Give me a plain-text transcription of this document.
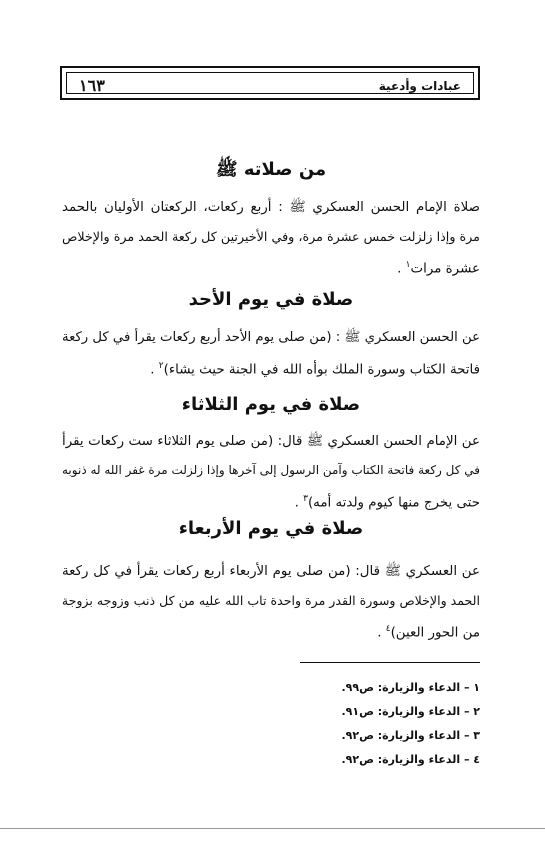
١٦٣	عبادات وأدعية
من صلاته ﷺ
صلاة الإمام الحسن العسكري ﷺ : أربع ركعات، الركعتان الأوليان بالحمد
مرة وإذا زلزلت خمس عشرة مرة، وفي الأخيرتين كل ركعة الحمد مرة والإخلاص
عشرة مرات$^١$ .
صلاة في يوم الأحد
عن الحسن العسكري ﷺ : (من صلى يوم الأحد أربع ركعات يقرأ في كل ركعة
فاتحة الكتاب وسورة الملك بوأه الله في الجنة حيث يشاء)$^٢$ .
صلاة في يوم الثلاثاء
عن الإمام الحسن العسكري ﷺ قال: (من صلى يوم الثلاثاء ست ركعات يقرأ
في كل ركعة فاتحة الكتاب وآمن الرسول إلى آخرها وإذا زلزلت مرة غفر الله له ذنوبه
حتى يخرج منها كيوم ولدته أمه)$^٣$ .
صلاة في يوم الأربعاء
عن العسكري ﷺ قال: (من صلى يوم الأربعاء أربع ركعات يقرأ في كل ركعة
الحمد والإخلاص وسورة القدر مرة واحدة تاب الله عليه من كل ذنب وزوجه بزوجة
من الحور العين)$^٤$ .
١ – الدعاء والزيارة: ص٩٩.
٢ – الدعاء والزيارة: ص٩١.
٣ – الدعاء والزيارة: ص٩٢.
٤ – الدعاء والزيارة: ص٩٢.
